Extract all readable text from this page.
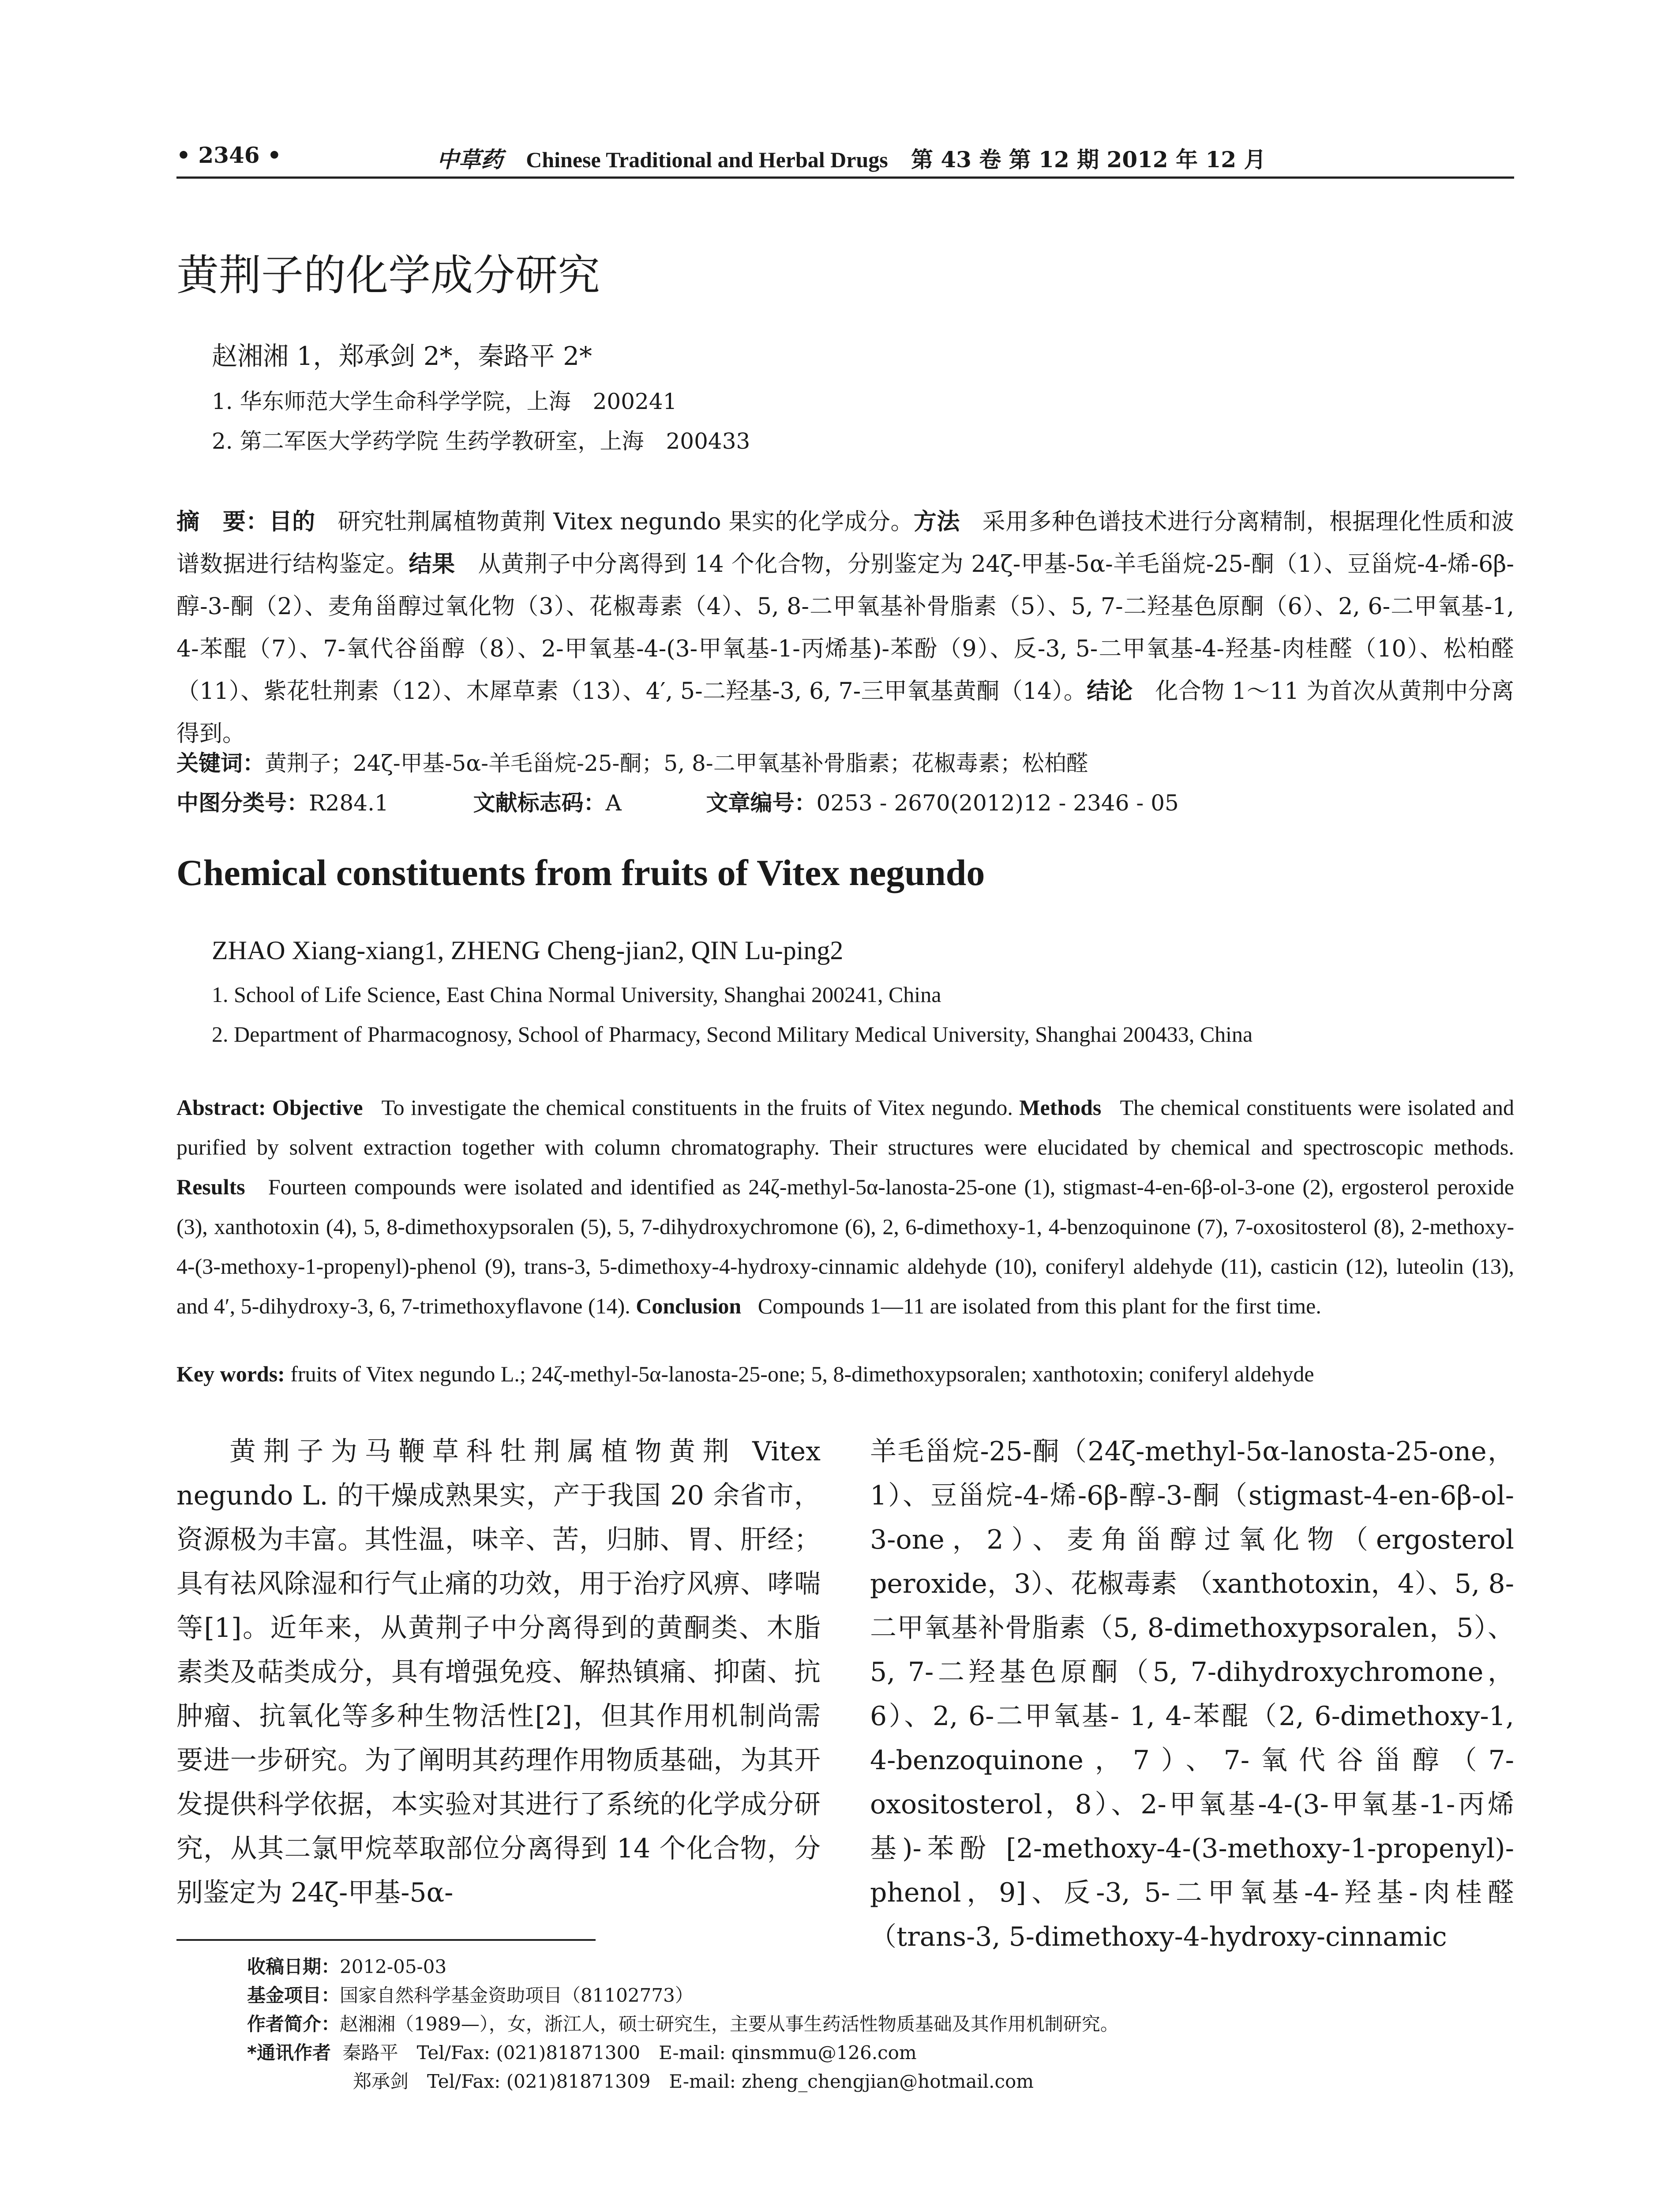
• 2346 •	中草药 Chinese Traditional and Herbal Drugs 第 43 卷 第 12 期 2012 年 12 月
黄荆子的化学成分研究
赵湘湘 1，郑承剑 2*，秦路平 2*
1. 华东师范大学生命科学学院，上海　200241
2. 第二军医大学药学院 生药学教研室，上海　200433
摘　要：目的 研究牡荆属植物黄荆 Vitex negundo 果实的化学成分。方法 采用多种色谱技术进行分离精制，根据理化性质和波谱数据进行结构鉴定。结果 从黄荆子中分离得到 14 个化合物，分别鉴定为 24ζ-甲基-5α-羊毛甾烷-25-酮（1）、豆甾烷-4-烯-6β-醇-3-酮（2）、麦角甾醇过氧化物（3）、花椒毒素（4）、5, 8-二甲氧基补骨脂素（5）、5, 7-二羟基色原酮（6）、2, 6-二甲氧基-1, 4-苯醌（7）、7-氧代谷甾醇（8）、2-甲氧基-4-(3-甲氧基-1-丙烯基)-苯酚（9）、反-3, 5-二甲氧基-4-羟基-肉桂醛（10）、松柏醛（11）、紫花牡荆素（12）、木犀草素（13）、4′, 5-二羟基-3, 6, 7-三甲氧基黄酮（14）。结论 化合物 1～11 为首次从黄荆中分离得到。
关键词：黄荆子；24ζ-甲基-5α-羊毛甾烷-25-酮；5, 8-二甲氧基补骨脂素；花椒毒素；松柏醛
中图分类号：R284.1	文献标志码：A	文章编号：0253 - 2670(2012)12 - 2346 - 05
Chemical constituents from fruits of Vitex negundo
ZHAO Xiang-xiang1, ZHENG Cheng-jian2, QIN Lu-ping2
1. School of Life Science, East China Normal University, Shanghai 200241, China
2. Department of Pharmacognosy, School of Pharmacy, Second Military Medical University, Shanghai 200433, China
Abstract: Objective To investigate the chemical constituents in the fruits of Vitex negundo. Methods The chemical constituents were isolated and purified by solvent extraction together with column chromatography. Their structures were elucidated by chemical and spectroscopic methods. Results Fourteen compounds were isolated and identified as 24ζ-methyl-5α-lanosta-25-one (1), stigmast-4-en-6β-ol-3-one (2), ergosterol peroxide (3), xanthotoxin (4), 5, 8-dimethoxypsoralen (5), 5, 7-dihydroxychromone (6), 2, 6-dimethoxy-1, 4-benzoquinone (7), 7-oxositosterol (8), 2-methoxy-4-(3-methoxy-1-propenyl)-phenol (9), trans-3, 5-dimethoxy-4-hydroxy-cinnamic aldehyde (10), coniferyl aldehyde (11), casticin (12), luteolin (13), and 4′, 5-dihydroxy-3, 6, 7-trimethoxyflavone (14). Conclusion Compounds 1—11 are isolated from this plant for the first time.
Key words: fruits of Vitex negundo L.; 24ζ-methyl-5α-lanosta-25-one; 5, 8-dimethoxypsoralen; xanthotoxin; coniferyl aldehyde

黄荆子为马鞭草科牡荆属植物黄荆 Vitex negundo L. 的干燥成熟果实，产于我国 20 余省市，资源极为丰富。其性温，味辛、苦，归肺、胃、肝经；具有祛风除湿和行气止痛的功效，用于治疗风痹、哮喘等[1]。近年来，从黄荆子中分离得到的黄酮类、木脂素类及萜类成分，具有增强免疫、解热镇痛、抑菌、抗肿瘤、抗氧化等多种生物活性[2]，但其作用机制尚需要进一步研究。为了阐明其药理作用物质基础，为其开发提供科学依据，本实验对其进行了系统的化学成分研究，从其二氯甲烷萃取部位分离得到 14 个化合物，分别鉴定为 24ζ-甲基-5α-

羊毛甾烷-25-酮（24ζ-methyl-5α-lanosta-25-one，1）、豆甾烷-4-烯-6β-醇-3-酮（stigmast-4-en-6β-ol-3-one，2）、麦角甾醇过氧化物（ergosterol peroxide，3）、花椒毒素 （xanthotoxin，4）、5, 8-二甲氧基补骨脂素（5, 8-dimethoxypsoralen，5）、5, 7-二羟基色原酮（5, 7-dihydroxychromone，6）、2, 6-二甲氧基- 1, 4-苯醌（2, 6-dimethoxy-1, 4-benzoquinone，7）、7-氧代谷甾醇（7-oxositosterol，8）、2-甲氧基-4-(3-甲氧基-1-丙烯基)-苯酚 [2-methoxy-4-(3-methoxy-1-propenyl)-phenol，9]、反-3, 5-二甲氧基-4-羟基-肉桂醛（trans-3, 5-dimethoxy-4-hydroxy-cinnamic

收稿日期：2012-05-03
基金项目：国家自然科学基金资助项目（81102773）
作者简介：赵湘湘（1989—），女，浙江人，硕士研究生，主要从事生药活性物质基础及其作用机制研究。
*通讯作者 秦路平　Tel/Fax: (021)81871300　E-mail: qinsmmu@126.com
郑承剑　Tel/Fax: (021)81871309　E-mail: zheng_chengjian@hotmail.com
